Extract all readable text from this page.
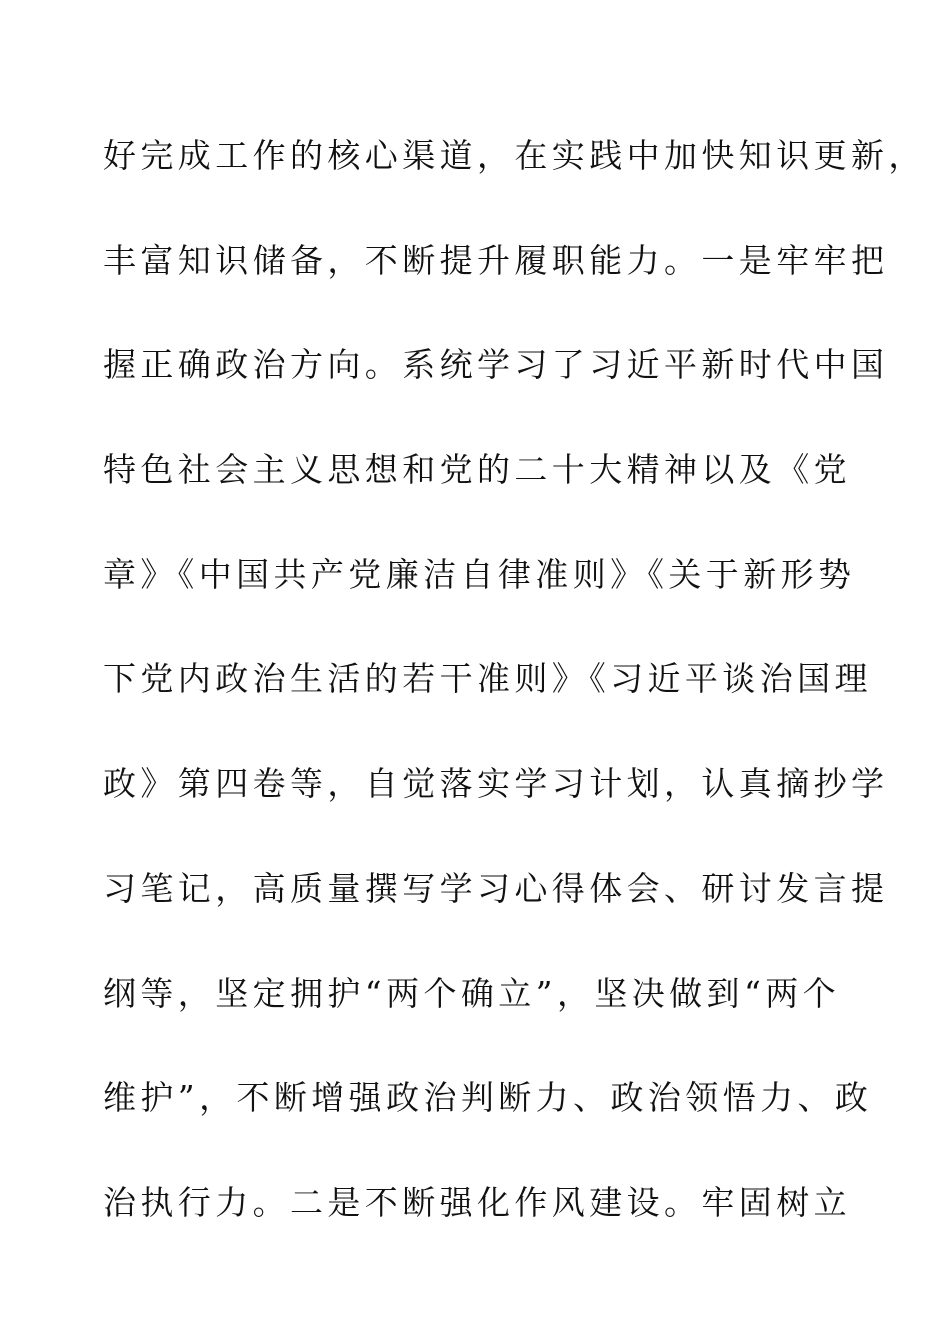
好完成工作的核心渠道，在实践中加快知识更新，
丰富知识储备，不断提升履职能力。一是牢牢把
握正确政治方向。系统学习了习近平新时代中国
特色社会主义思想和党的二十大精神以及《党
章》《中国共产党廉洁自律准则》《关于新形势
下党内政治生活的若干准则》《习近平谈治国理
政》第四卷等，自觉落实学习计划，认真摘抄学
习笔记，高质量撰写学习心得体会、研讨发言提
纲等，坚定拥护“两个确立”，坚决做到“两个
维护”，不断增强政治判断力、政治领悟力、政
治执行力。二是不断强化作风建设。牢固树立
